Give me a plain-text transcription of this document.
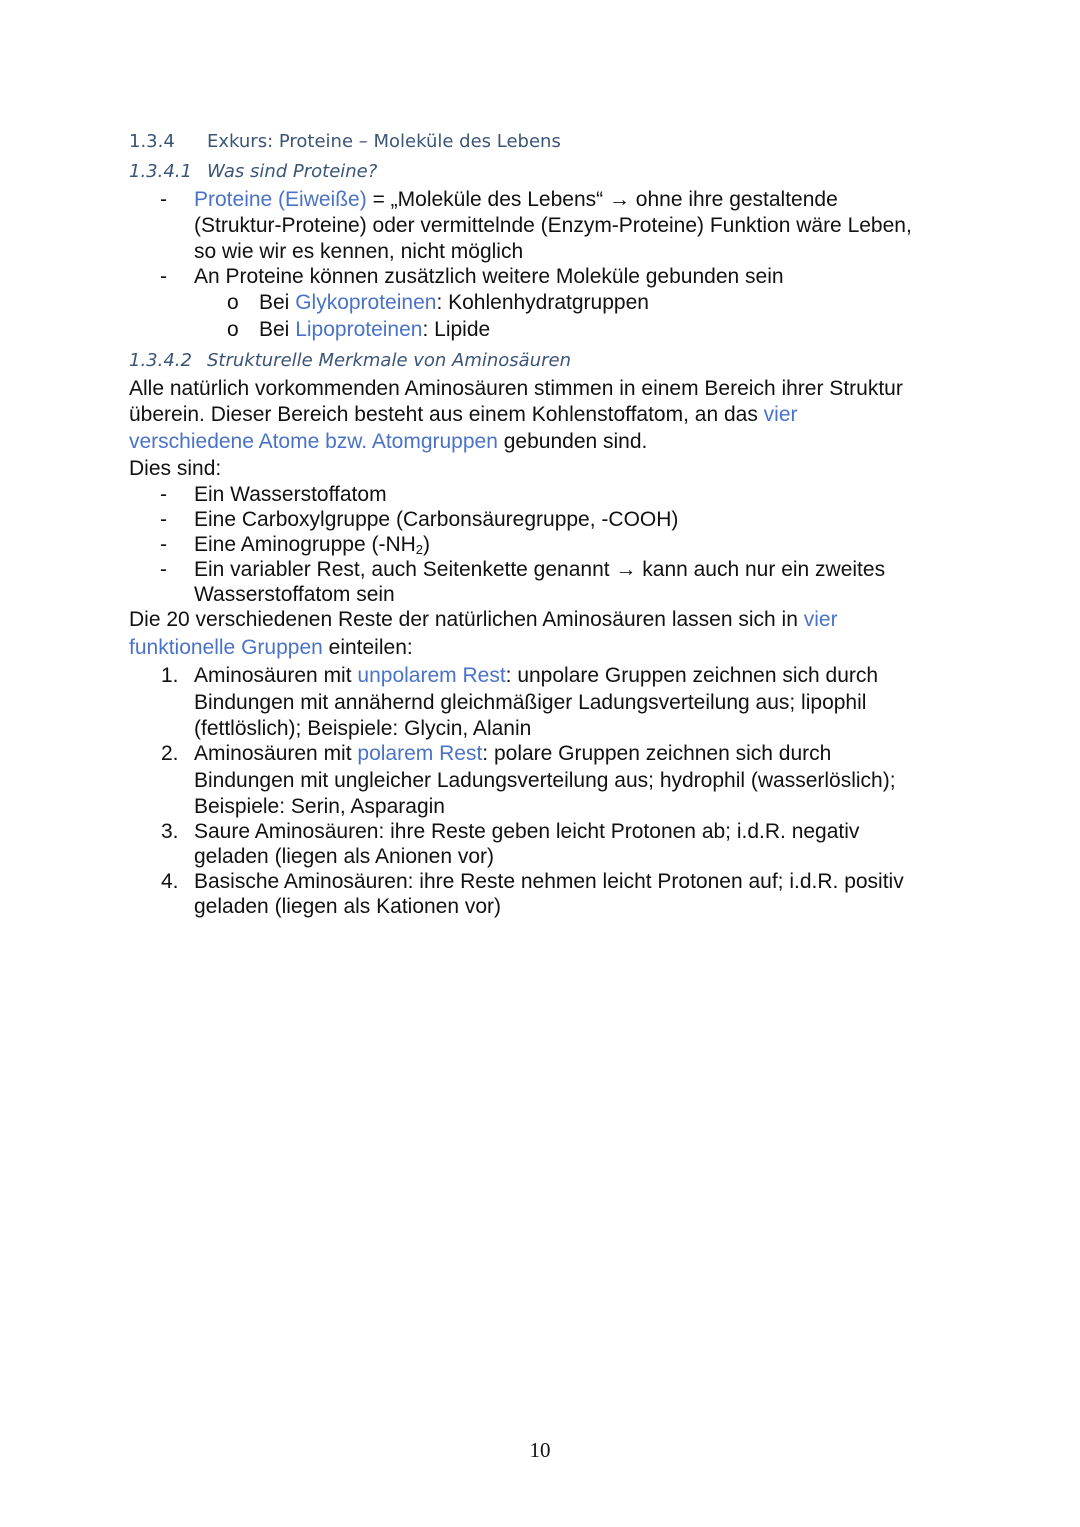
1.3.4 Exkurs: Proteine – Moleküle des Lebens
1.3.4.1 Was sind Proteine?
- Proteine (Eiweiße) = „Moleküle des Lebens“ → ohne ihre gestaltende
(Struktur-Proteine) oder vermittelnde (Enzym-Proteine) Funktion wäre Leben,
so wie wir es kennen, nicht möglich
- An Proteine können zusätzlich weitere Moleküle gebunden sein
o Bei Glykoproteinen: Kohlenhydratgruppen
o Bei Lipoproteinen: Lipide
1.3.4.2 Strukturelle Merkmale von Aminosäuren
Alle natürlich vorkommenden Aminosäuren stimmen in einem Bereich ihrer Struktur
überein. Dieser Bereich besteht aus einem Kohlenstoffatom, an das vier
verschiedene Atome bzw. Atomgruppen gebunden sind.
Dies sind:
- Ein Wasserstoffatom
- Eine Carboxylgruppe (Carbonsäuregruppe, -COOH)
- Eine Aminogruppe $(-NH_2)$
- Ein variabler Rest, auch Seitenkette genannt → kann auch nur ein zweites
Wasserstoffatom sein
Die 20 verschiedenen Reste der natürlichen Aminosäuren lassen sich in vier
funktionelle Gruppen einteilen:
1. Aminosäuren mit unpolarem Rest: unpolare Gruppen zeichnen sich durch
Bindungen mit annähernd gleichmäßiger Ladungsverteilung aus; lipophil
(fettlöslich); Beispiele: Glycin, Alanin
2. Aminosäuren mit polarem Rest: polare Gruppen zeichnen sich durch
Bindungen mit ungleicher Ladungsverteilung aus; hydrophil (wasserlöslich);
Beispiele: Serin, Asparagin
3. Saure Aminosäuren: ihre Reste geben leicht Protonen ab; i.d.R. negativ
geladen (liegen als Anionen vor)
4. Basische Aminosäuren: ihre Reste nehmen leicht Protonen auf; i.d.R. positiv
geladen (liegen als Kationen vor)
10
